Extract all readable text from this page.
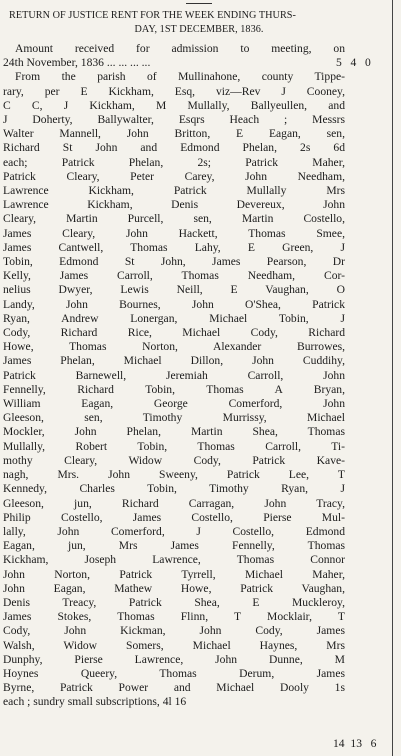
RETURN OF JUSTICE RENT FOR THE WEEK ENDING THURS-
DAY, 1ST DECEMBER, 1836.
Amount received for admission to meeting, on
24th November, 1836 ... ... ... ...
From the parish of Mullinahone, county Tippe-
rary, per E Kickham, Esq, viz—Rev J Cooney,
C C, J Kickham, M Mullally, Ballyeullen, and
J Doherty, Ballywalter, Esqrs Heach ; Messrs
Walter Mannell, John Britton, E Eagan, sen,
Richard St John and Edmond Phelan, 2s 6d
each; Patrick Phelan, 2s; Patrick Maher,
Patrick Cleary, Peter Carey, John Needham,
Lawrence Kickham, Patrick Mullally Mrs
Lawrence Kickham, Denis Devereux, John
Cleary, Martin Purcell, sen, Martin Costello,
James Cleary, John Hackett, Thomas Smee,
James Cantwell, Thomas Lahy, E Green, J
Tobin, Edmond St John, James Pearson, Dr
Kelly, James Carroll, Thomas Needham, Cor-
nelius Dwyer, Lewis Neill, E Vaughan, O
Landy, John Bournes, John O'Shea, Patrick
Ryan, Andrew Lonergan, Michael Tobin, J
Cody, Richard Rice, Michael Cody, Richard
Howe, Thomas Norton, Alexander Burrowes,
James Phelan, Michael Dillon, John Cuddihy,
Patrick Barnewell, Jeremiah Carroll, John
Fennelly, Richard Tobin, Thomas A Bryan,
William Eagan, George Comerford, John
Gleeson, sen, Timothy Murrissy, Michael
Mockler, John Phelan, Martin Shea, Thomas
Mullally, Robert Tobin, Thomas Carroll, Ti-
mothy Cleary, Widow Cody, Patrick Kave-
nagh, Mrs. John Sweeny, Patrick Lee, T
Kennedy, Charles Tobin, Timothy Ryan, J
Gleeson, jun, Richard Carragan, John Tracy,
Philip Costello, James Costello, Pierse Mul-
lally, John Comerford, J Costello, Edmond
Eagan, jun, Mrs James Fennelly, Thomas
Kickham, Joseph Lawrence, Thomas Connor
John Norton, Patrick Tyrrell, Michael Maher,
John Eagan, Mathew Howe, Patrick Vaughan,
Denis Treacy, Patrick Shea, E Muckleroy,
James Stokes, Thomas Flinn, T Mocklair, T
Cody, John Kickman, John Cody, James
Walsh, Widow Somers, Michael Haynes, Mrs
Dunphy, Pierse Lawrence, John Dunne, M
Hoynes Queery, Thomas Derum, James
Byrne, Patrick Power and Michael Dooly 1s
each ; sundry small subscriptions, 4l 16
5   4   0
14  13   6
